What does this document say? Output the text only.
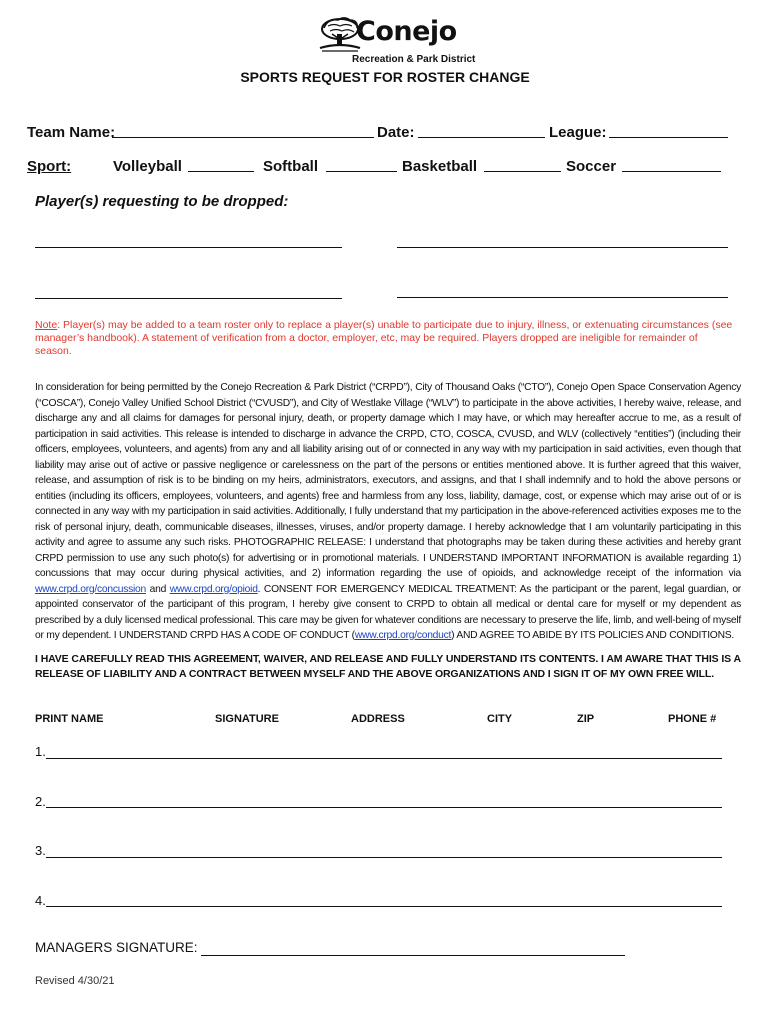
Conejo
Recreation & Park District
SPORTS REQUEST FOR ROSTER CHANGE
Team Name:	Date:	League:
Sport:	Volleyball	Softball	Basketball	Soccer
Player(s) requesting to be dropped:
Note: Player(s) may be added to a team roster only to replace a player(s) unable to participate due to injury, illness, or extenuating circumstances (see manager’s handbook). A statement of verification from a doctor, employer, etc, may be required. Players dropped are ineligible for remainder of season.
In consideration for being permitted by the Conejo Recreation & Park District (“CRPD”), City of Thousand Oaks (“CTO”), Conejo Open Space Conservation Agency (“COSCA”), Conejo Valley Unified School District (“CVUSD”), and City of Westlake Village (“WLV”) to participate in the above activities, I hereby waive, release, and discharge any and all claims for damages for personal injury, death, or property damage which I may have, or which may hereafter accrue to me, as a result of participation in said activities. This release is intended to discharge in advance the CRPD, CTO, COSCA, CVUSD, and WLV (collectively “entities”) (including their officers, employees, volunteers, and agents) from any and all liability arising out of or connected in any way with my participation in said activities, even though that liability may arise out of active or passive negligence or carelessness on the part of the persons or entities mentioned above. It is further agreed that this waiver, release, and assumption of risk is to be binding on my heirs, administrators, executors, and assigns, and that I shall indemnify and to hold the above persons or entities (including its officers, employees, volunteers, and agents) free and harmless from any loss, liability, damage, cost, or expense which may arise out of or is connected in any way with my participation in said activities. Additionally, I fully understand that my participation in the above-referenced activities exposes me to the risk of personal injury, death, communicable diseases, illnesses, viruses, and/or property damage. I hereby acknowledge that I am voluntarily participating in this activity and agree to assume any such risks. PHOTOGRAPHIC RELEASE: I understand that photographs may be taken during these activities and hereby grant CRPD permission to use any such photo(s) for advertising or in promotional materials. I UNDERSTAND IMPORTANT INFORMATION is available regarding 1) concussions that may occur during physical activities, and 2) information regarding the use of opioids, and acknowledge receipt of the information via www.crpd.org/concussion and www.crpd.org/opioid. CONSENT FOR EMERGENCY MEDICAL TREATMENT: As the participant or the parent, legal guardian, or appointed conservator of the participant of this program, I hereby give consent to CRPD to obtain all medical or dental care for myself or my dependent as prescribed by a duly licensed medical professional. This care may be given for whatever conditions are necessary to preserve the life, limb, and well-being of myself or my dependent. I UNDERSTAND CRPD HAS A CODE OF CONDUCT (www.crpd.org/conduct) AND AGREE TO ABIDE BY ITS POLICIES AND CONDITIONS.
I HAVE CAREFULLY READ THIS AGREEMENT, WAIVER, AND RELEASE AND FULLY UNDERSTAND ITS CONTENTS. I AM AWARE THAT THIS IS A RELEASE OF LIABILITY AND A CONTRACT BETWEEN MYSELF AND THE ABOVE ORGANIZATIONS AND I SIGN IT OF MY OWN FREE WILL.
PRINT NAME	SIGNATURE	ADDRESS	CITY	ZIP	PHONE #
1.
2.
3.
4.
MANAGERS SIGNATURE:
Revised 4/30/21
